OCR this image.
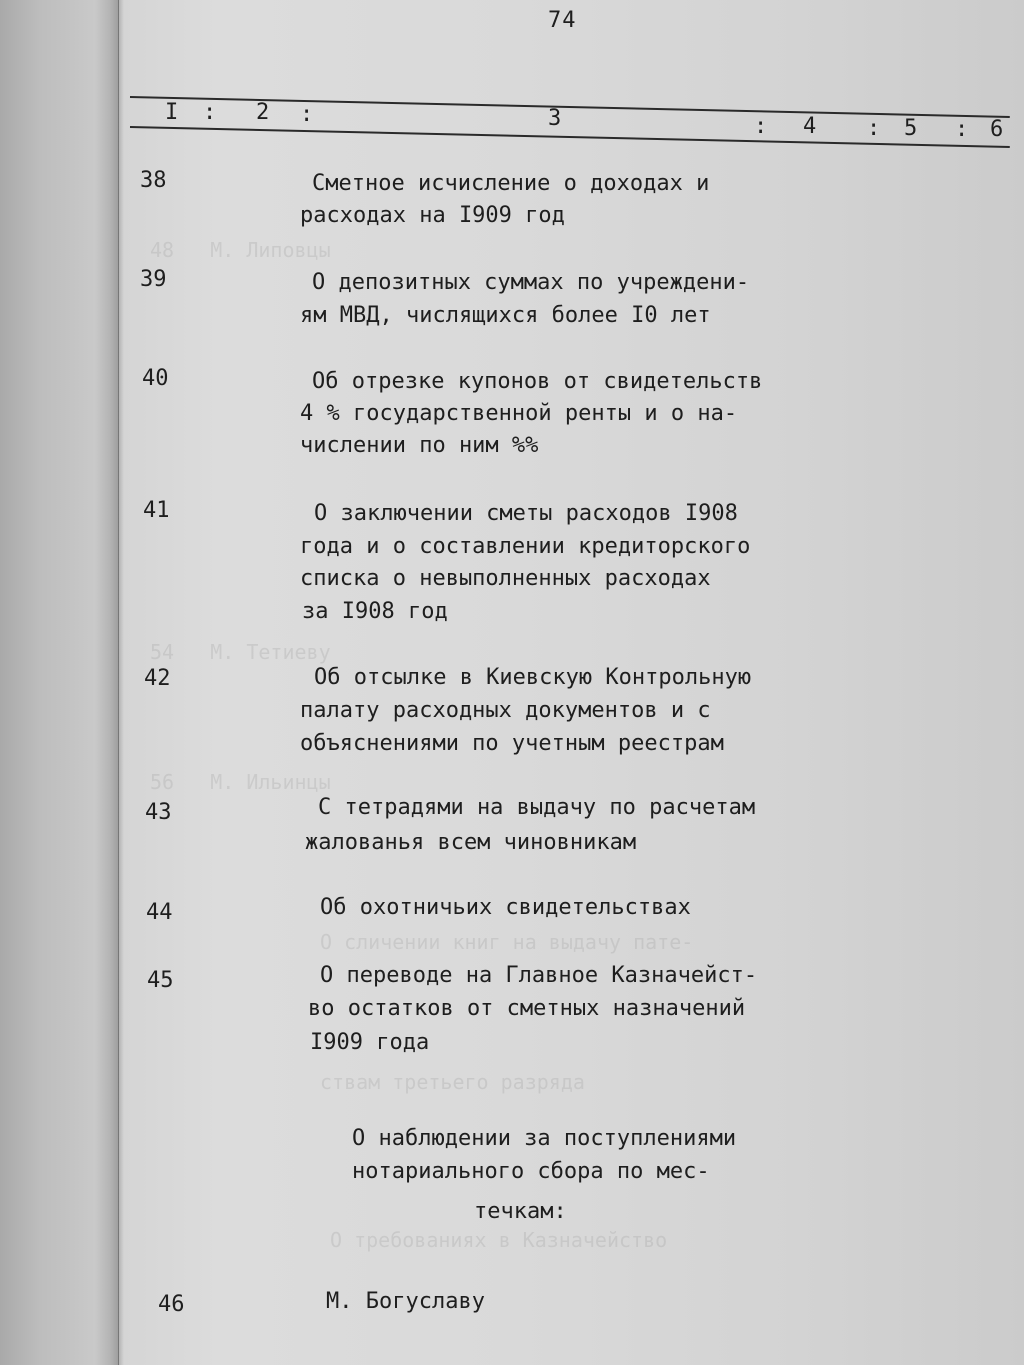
48   М. Липовцы
54   М. Тетиеву
56   М. Ильинцы
О сличении книг на выдачу пате-
ствам третьего разряда
О требованиях в Казначейство
74
I : 2 :	3	: 4 : 5 : 6
38	Сметное исчисление о доходах и
расходах на I909 год
39	О депозитных суммах по учреждени-
ям МВД, числящихся более I0 лет
40	Об отрезке купонов от свидетельств
4 % государственной ренты и о на-
числении по ним %%
41	О заключении сметы расходов I908
года и о составлении кредиторского
списка о невыполненных расходах
за I908 год
42	Об отсылке в Киевскую Контрольную
палату расходных документов и с
объяснениями по учетным реестрам
43	С тетрадями на выдачу по расчетам
жалованья всем чиновникам
44	Об охотничьих свидетельствах
45	О переводе на Главное Казначейст-
во остатков от сметных назначений
I909 года
О наблюдении за поступлениями
нотариального сбора по мес-
течкам:
46	М. Богуславу
